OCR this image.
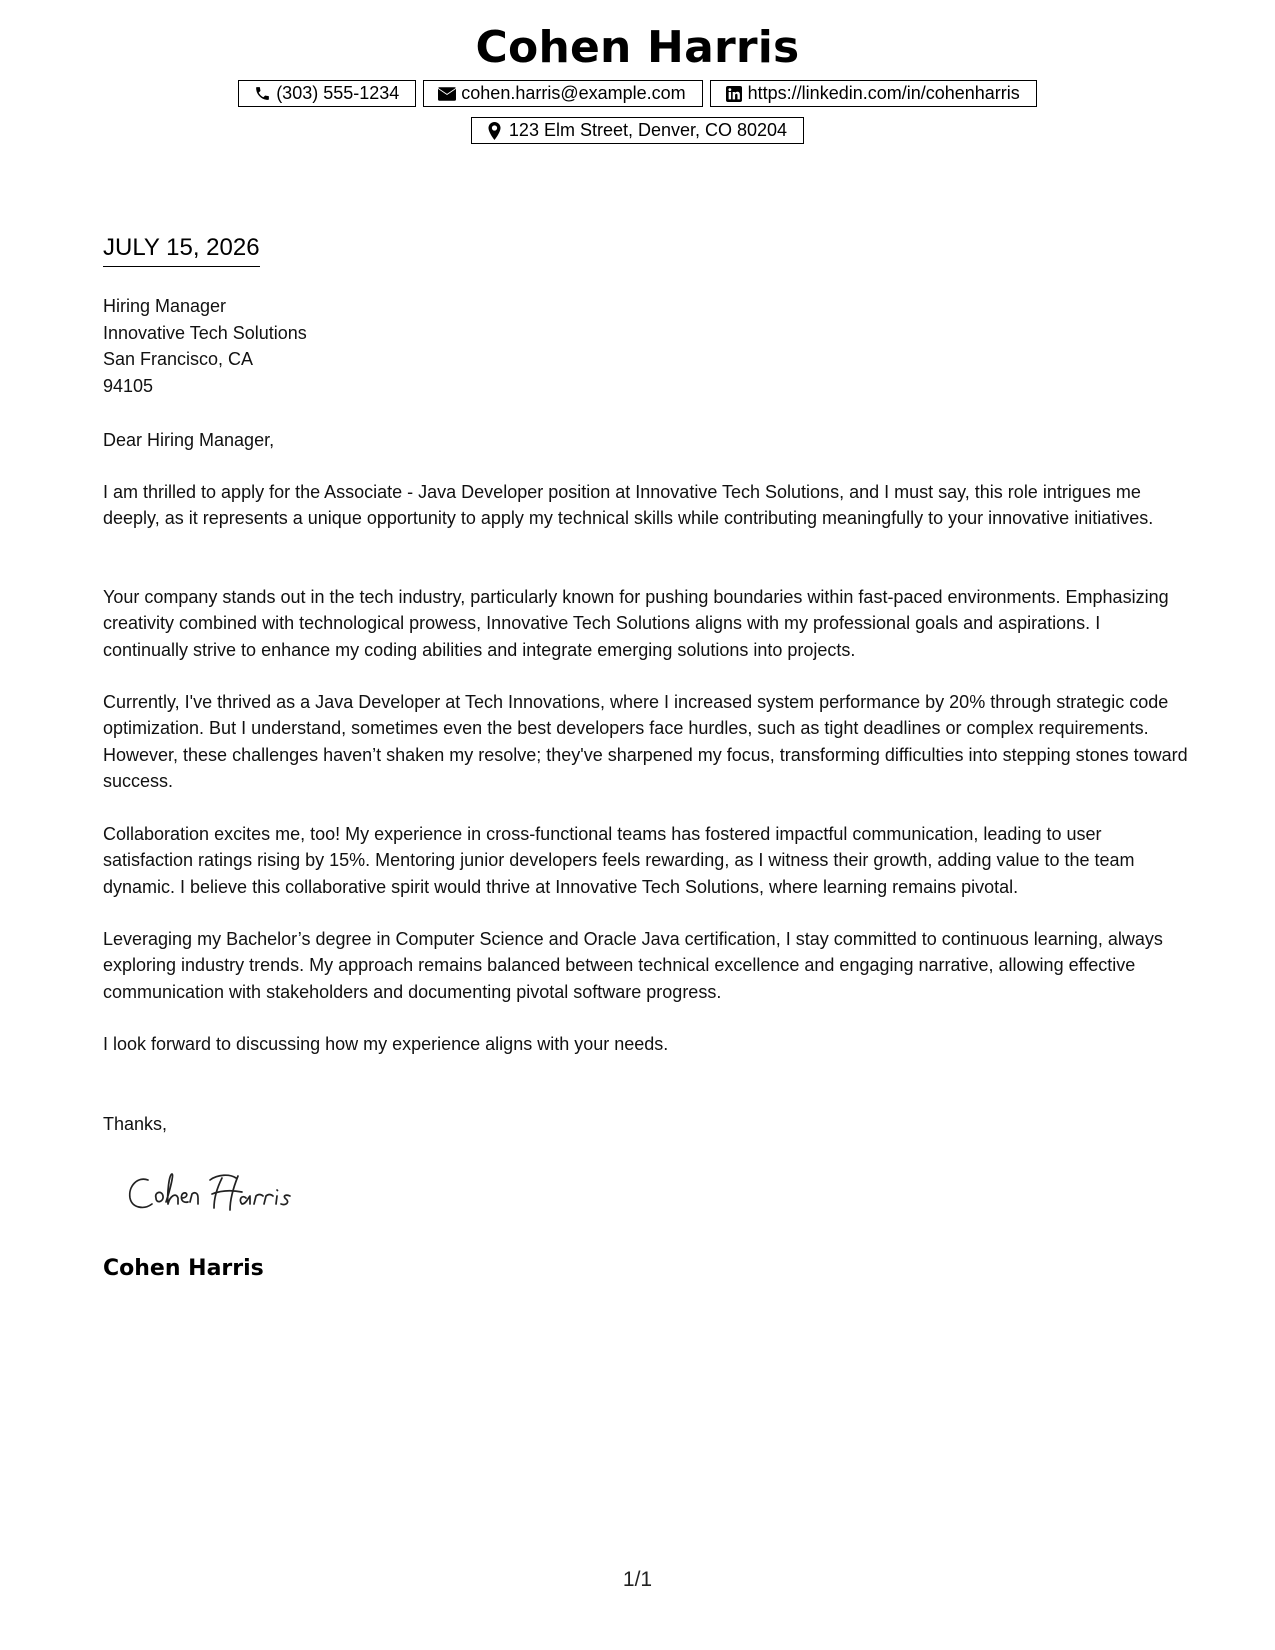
Cohen Harris
(303) 555-1234	cohen.harris@example.com	https://linkedin.com/in/cohenharris
123 Elm Street, Denver, CO 80204
JULY 15, 2026
Hiring Manager
Innovative Tech Solutions
San Francisco, CA
94105

Dear Hiring Manager,

I am thrilled to apply for the Associate - Java Developer position at Innovative Tech Solutions, and I must say, this role intrigues me deeply, as it represents a unique opportunity to apply my technical skills while contributing meaningfully to your innovative initiatives.

Your company stands out in the tech industry, particularly known for pushing boundaries within fast-paced environments. Emphasizing creativity combined with technological prowess, Innovative Tech Solutions aligns with my professional goals and aspirations. I continually strive to enhance my coding abilities and integrate emerging solutions into projects.

Currently, I've thrived as a Java Developer at Tech Innovations, where I increased system performance by 20% through strategic code optimization. But I understand, sometimes even the best developers face hurdles, such as tight deadlines or complex requirements. However, these challenges haven’t shaken my resolve; they've sharpened my focus, transforming difficulties into stepping stones toward success.

Collaboration excites me, too! My experience in cross-functional teams has fostered impactful communication, leading to user satisfaction ratings rising by 15%. Mentoring junior developers feels rewarding, as I witness their growth, adding value to the team dynamic. I believe this collaborative spirit would thrive at Innovative Tech Solutions, where learning remains pivotal.

Leveraging my Bachelor’s degree in Computer Science and Oracle Java certification, I stay committed to continuous learning, always exploring industry trends. My approach remains balanced between technical excellence and engaging narrative, allowing effective communication with stakeholders and documenting pivotal software progress.

I look forward to discussing how my experience aligns with your needs.

Thanks,

Cohen Harris
1/1
